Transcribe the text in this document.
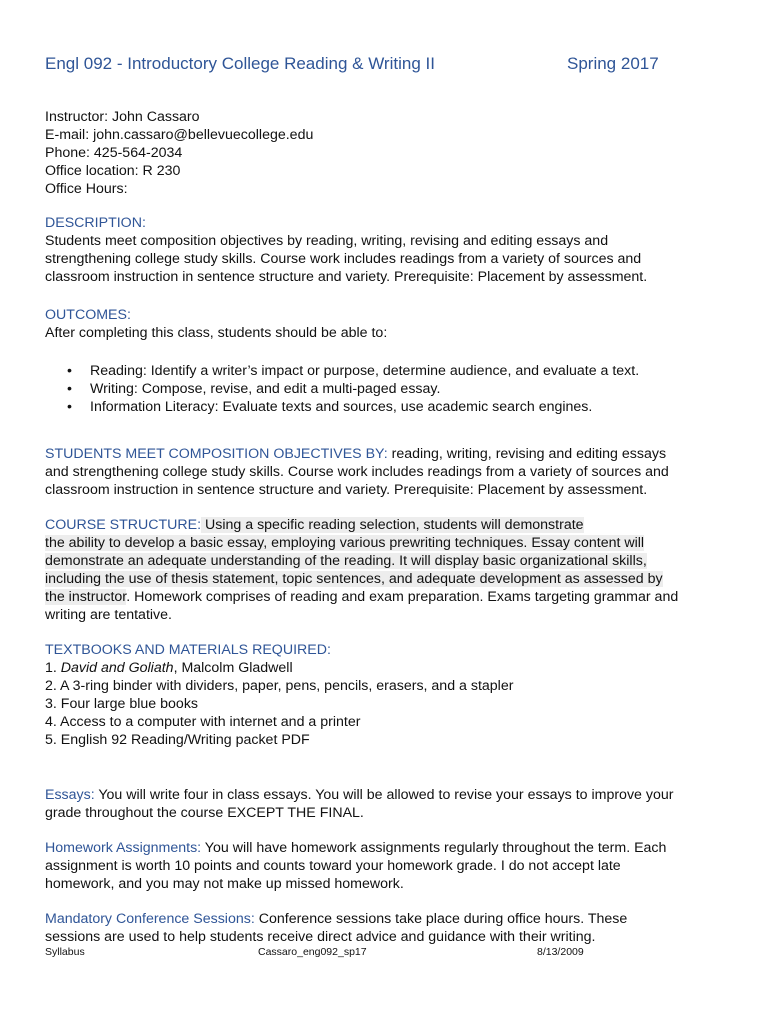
Engl 092 - Introductory College Reading & Writing II	Spring 2017
Instructor: John Cassaro
E-mail: john.cassaro@bellevuecollege.edu
Phone: 425-564-2034
Office location: R 230
Office Hours:
DESCRIPTION:
Students meet composition objectives by reading, writing, revising and editing essays and
strengthening college study skills. Course work includes readings from a variety of sources and
classroom instruction in sentence structure and variety. Prerequisite: Placement by assessment.
OUTCOMES:
After completing this class, students should be able to:
• Reading: Identify a writer’s impact or purpose, determine audience, and evaluate a text.
• Writing: Compose, revise, and edit a multi-paged essay.
• Information Literacy: Evaluate texts and sources, use academic search engines.
STUDENTS MEET COMPOSITION OBJECTIVES BY: reading, writing, revising and editing essays
and strengthening college study skills. Course work includes readings from a variety of sources and
classroom instruction in sentence structure and variety. Prerequisite: Placement by assessment.
COURSE STRUCTURE: Using a specific reading selection, students will demonstrate
the ability to develop a basic essay, employing various prewriting techniques. Essay content will
demonstrate an adequate understanding of the reading. It will display basic organizational skills,
including the use of thesis statement, topic sentences, and adequate development as assessed by
the instructor. Homework comprises of reading and exam preparation. Exams targeting grammar and
writing are tentative.
TEXTBOOKS AND MATERIALS REQUIRED:
1. David and Goliath, Malcolm Gladwell
2. A 3-ring binder with dividers, paper, pens, pencils, erasers, and a stapler
3. Four large blue books
4. Access to a computer with internet and a printer
5. English 92 Reading/Writing packet PDF
Essays: You will write four in class essays. You will be allowed to revise your essays to improve your
grade throughout the course EXCEPT THE FINAL.
Homework Assignments: You will have homework assignments regularly throughout the term. Each
assignment is worth 10 points and counts toward your homework grade. I do not accept late
homework, and you may not make up missed homework.
Mandatory Conference Sessions: Conference sessions take place during office hours. These
sessions are used to help students receive direct advice and guidance with their writing.
Syllabus	Cassaro_eng092_sp17	8/13/2009
